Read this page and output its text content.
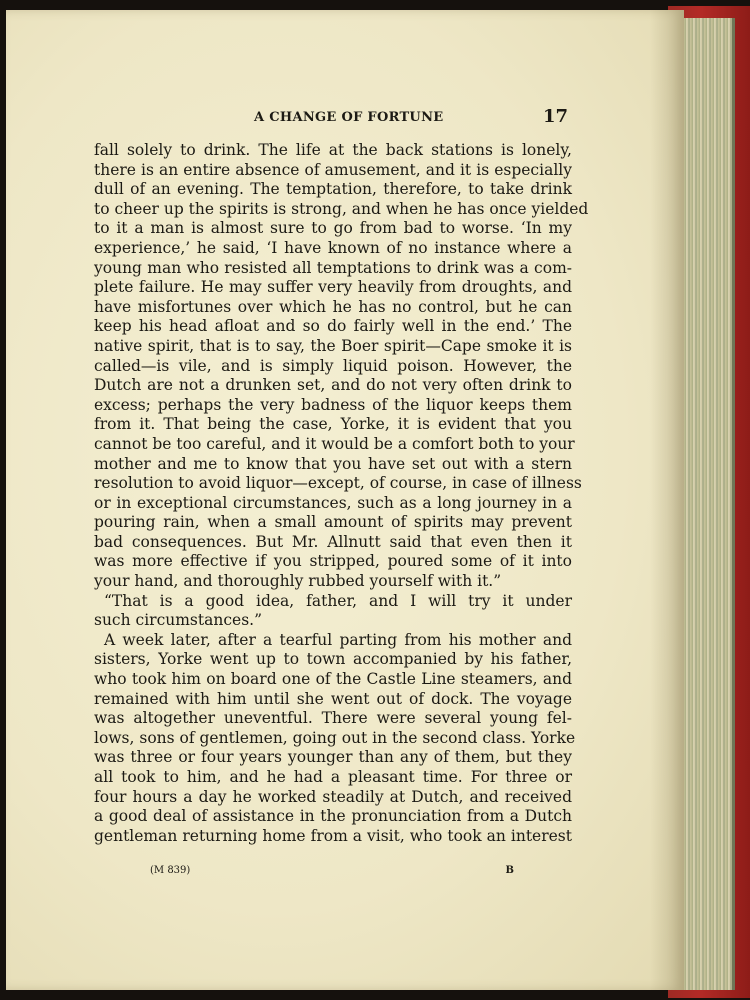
A CHANGE OF FORTUNE	17
fall solely to drink. The life at the back stations is lonely,
there is an entire absence of amusement, and it is especially
dull of an evening. The temptation, therefore, to take drink
to cheer up the spirits is strong, and when he has once yielded
to it a man is almost sure to go from bad to worse. ‘In my
experience,’ he said, ‘I have known of no instance where a
young man who resisted all temptations to drink was a com-
plete failure. He may suffer very heavily from droughts, and
have misfortunes over which he has no control, but he can
keep his head afloat and so do fairly well in the end.’ The
native spirit, that is to say, the Boer spirit—Cape smoke it is
called—is vile, and is simply liquid poison. However, the
Dutch are not a drunken set, and do not very often drink to
excess; perhaps the very badness of the liquor keeps them
from it. That being the case, Yorke, it is evident that you
cannot be too careful, and it would be a comfort both to your
mother and me to know that you have set out with a stern
resolution to avoid liquor—except, of course, in case of illness
or in exceptional circumstances, such as a long journey in a
pouring rain, when a small amount of spirits may prevent
bad consequences. But Mr. Allnutt said that even then it
was more effective if you stripped, poured some of it into
your hand, and thoroughly rubbed yourself with it.”
“That is a good idea, father, and I will try it under
such circumstances.”
A week later, after a tearful parting from his mother and
sisters, Yorke went up to town accompanied by his father,
who took him on board one of the Castle Line steamers, and
remained with him until she went out of dock. The voyage
was altogether uneventful. There were several young fel-
lows, sons of gentlemen, going out in the second class. Yorke
was three or four years younger than any of them, but they
all took to him, and he had a pleasant time. For three or
four hours a day he worked steadily at Dutch, and received
a good deal of assistance in the pronunciation from a Dutch
gentleman returning home from a visit, who took an interest
(M 839)	B
